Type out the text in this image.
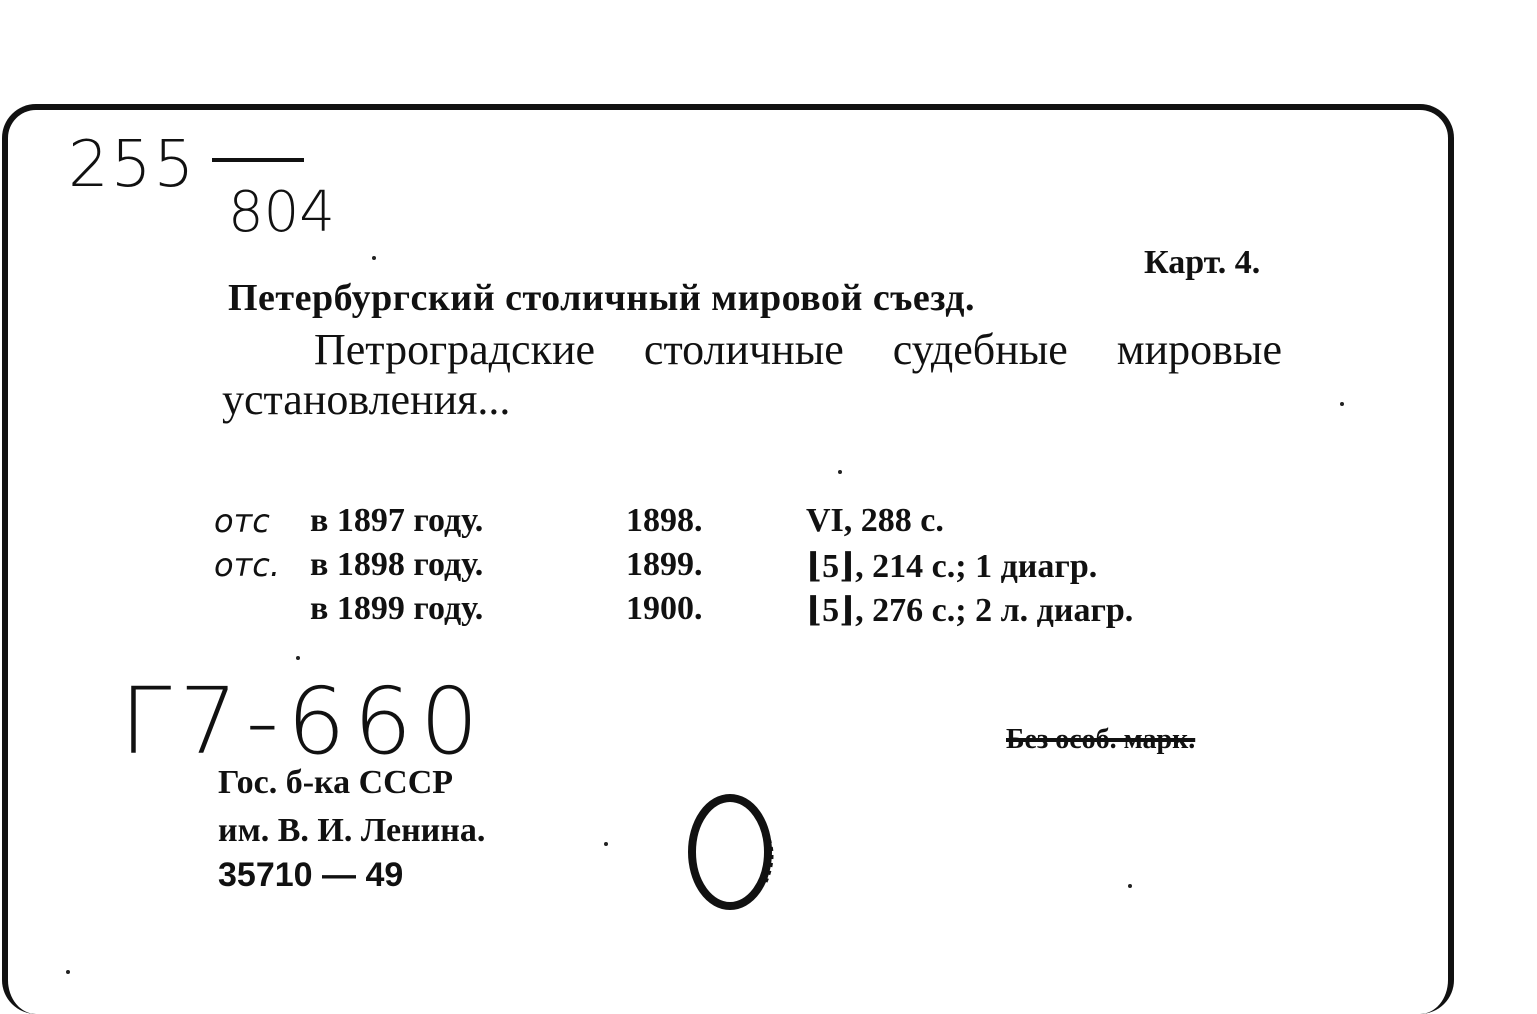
255
804
Карт. 4.
Петербургский столичный мировой съезд.
Петроградские столичные судебные мировые
установления...
отс в 1897 году.	1898.	VI, 288 с.
отс. в 1898 году.	1899.	⌊5⌋, 214 с.; 1 диагр.
в 1899 году.	1900.	⌊5⌋, 276 с.; 2 л. диагр.
Г7-660	Без особ. марк.
Гос. б-ка СССР
им. В. И. Ленина.
35710 — 49
